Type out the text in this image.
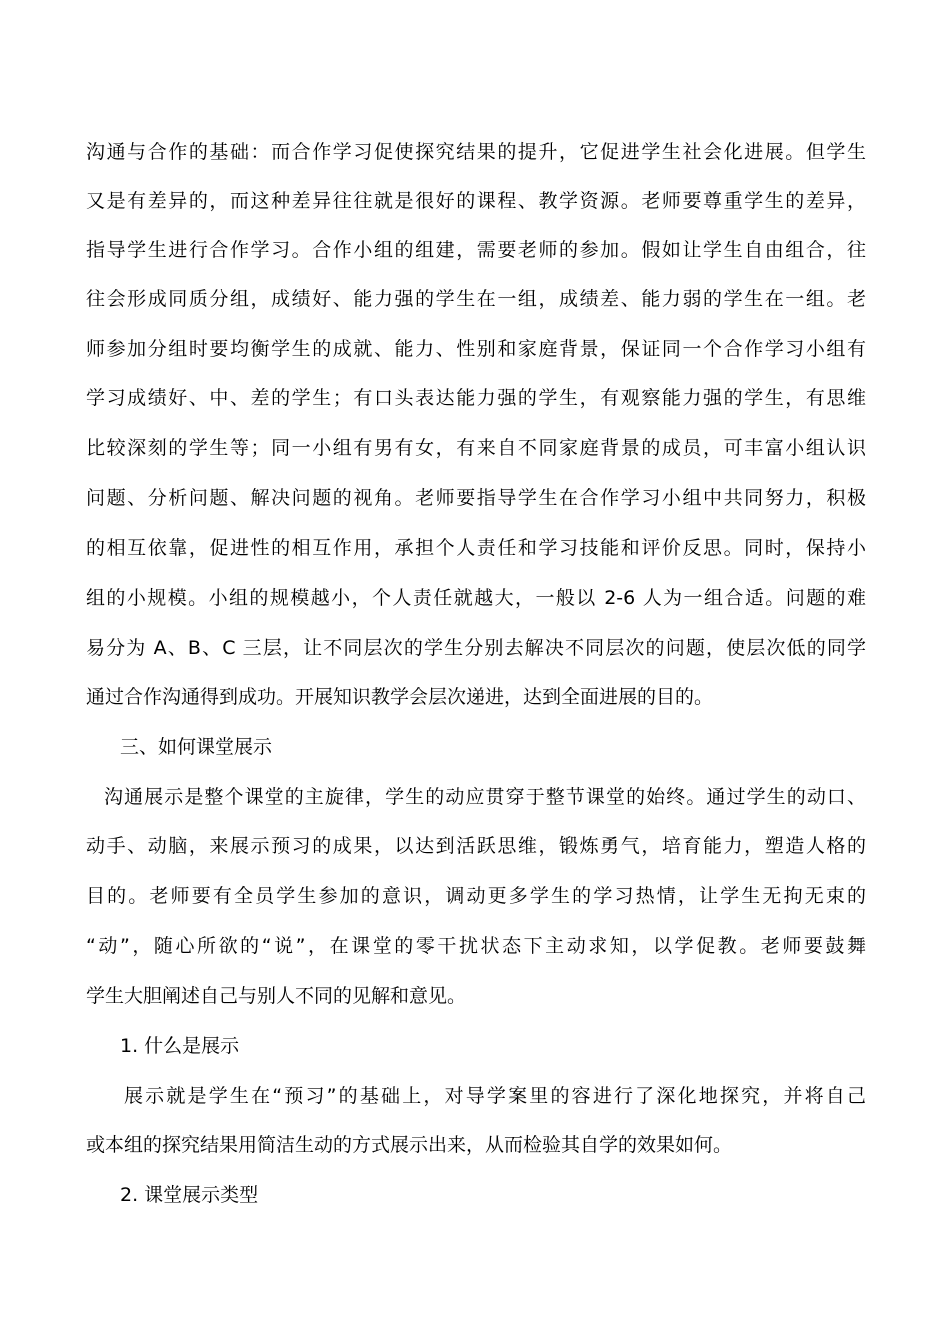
沟通与合作的基础：而合作学习促使探究结果的提升，它促进学生社会化进展。但学生
又是有差异的，而这种差异往往就是很好的课程、教学资源。老师要尊重学生的差异，
指导学生进行合作学习。合作小组的组建，需要老师的参加。假如让学生自由组合，往
往会形成同质分组，成绩好、能力强的学生在一组，成绩差、能力弱的学生在一组。老
师参加分组时要均衡学生的成就、能力、性别和家庭背景，保证同一个合作学习小组有
学习成绩好、中、差的学生；有口头表达能力强的学生，有观察能力强的学生，有思维
比较深刻的学生等；同一小组有男有女，有来自不同家庭背景的成员，可丰富小组认识
问题、分析问题、解决问题的视角。老师要指导学生在合作学习小组中共同努力，积极
的相互依靠，促进性的相互作用，承担个人责任和学习技能和评价反思。同时，保持小
组的小规模。小组的规模越小，个人责任就越大，一般以 2-6 人为一组合适。问题的难
易分为 A、B、C 三层，让不同层次的学生分别去解决不同层次的问题，使层次低的同学
通过合作沟通得到成功。开展知识教学会层次递进，达到全面进展的目的。
三、如何课堂展示
沟通展示是整个课堂的主旋律，学生的动应贯穿于整节课堂的始终。通过学生的动口、
动手、动脑，来展示预习的成果，以达到活跃思维，锻炼勇气，培育能力，塑造人格的
目的。老师要有全员学生参加的意识，调动更多学生的学习热情，让学生无拘无束的
“动”，随心所欲的“说”，在课堂的零干扰状态下主动求知，以学促教。老师要鼓舞
学生大胆阐述自己与别人不同的见解和意见。
1. 什么是展示
展示就是学生在“预习”的基础上，对导学案里的容进行了深化地探究，并将自己
或本组的探究结果用简洁生动的方式展示出来，从而检验其自学的效果如何。
2. 课堂展示类型
